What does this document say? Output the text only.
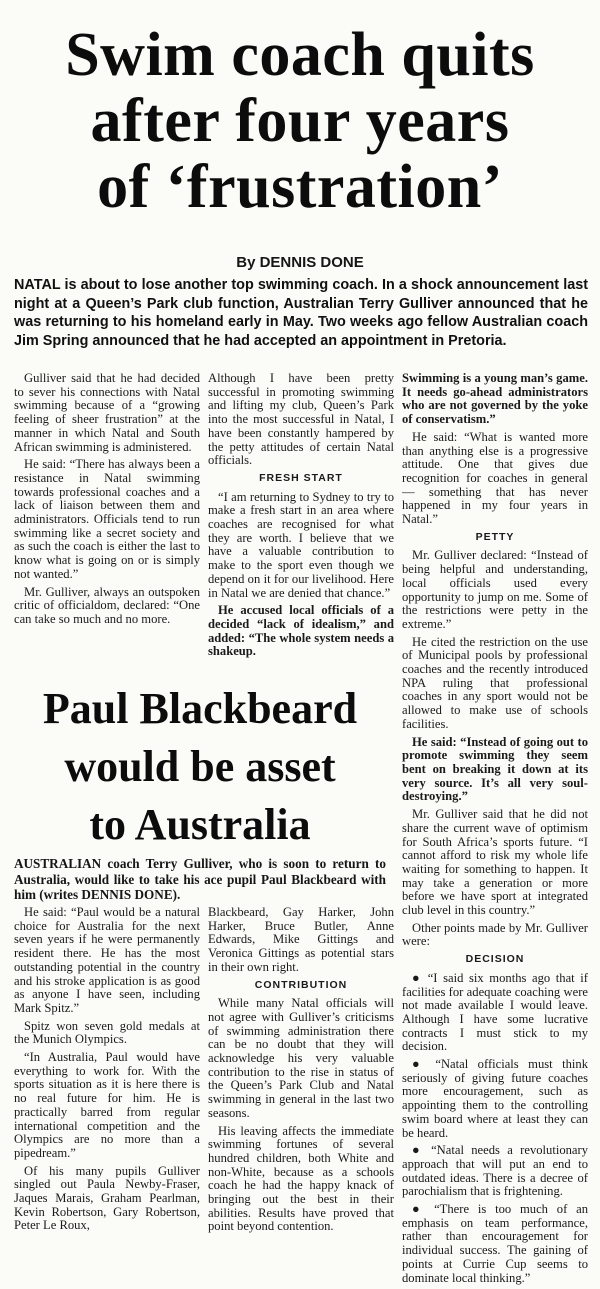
Swim coach quits
after four years
of ‘frustration’
By DENNIS DONE
NATAL is about to lose another top swimming coach. In a shock announcement last night at a Queen’s Park club function, Australian Terry Gulliver announced that he was returning to his homeland early in May. Two weeks ago fellow Australian coach Jim Spring announced that he had accepted an appointment in Pretoria.

Gulliver said that he had decided to sever his connections with Natal swimming because of a “growing feeling of sheer frustration” at the manner in which Natal and South African swimming is administered.

He said: “There has always been a resistance in Natal swimming towards professional coaches and a lack of liaison between them and administrators. Officials tend to run swimming like a secret society and as such the coach is either the last to know what is going on or is simply not wanted.”

Mr. Gulliver, always an outspoken critic of officialdom, declared: “One can take so much and no more.

Although I have been pretty successful in promoting swimming and lifting my club, Queen’s Park into the most successful in Natal, I have been constantly hampered by the petty attitudes of certain Natal officials.

FRESH START

“I am returning to Sydney to try to make a fresh start in an area where coaches are recognised for what they are worth. I believe that we have a valuable contribution to make to the sport even though we depend on it for our livelihood. Here in Natal we are denied that chance.”

He accused local officials of a decided “lack of idealism,” and added: “The whole system needs a shakeup.

Swimming is a young man’s game. It needs go-ahead administrators who are not governed by the yoke of conservatism.”

He said: “What is wanted more than anything else is a progressive attitude. One that gives due recognition for coaches in general — something that has never happened in my four years in Natal.”

PETTY

Mr. Gulliver declared: “Instead of being helpful and understanding, local officials used every opportunity to jump on me. Some of the restrictions were petty in the extreme.”

He cited the restriction on the use of Municipal pools by professional coaches and the recently introduced NPA ruling that professional coaches in any sport would not be allowed to make use of schools facilities.

He said: “Instead of going out to promote swimming they seem bent on breaking it down at its very source. It’s all very soul-destroying.”

Mr. Gulliver said that he did not share the current wave of optimism for South Africa’s sports future. “I cannot afford to risk my whole life waiting for something to happen. It may take a generation or more before we have sport at integrated club level in this country.”

Other points made by Mr. Gulliver were:

DECISION

● “I said six months ago that if facilities for adequate coaching were not made available I would leave. Although I have some lucrative contracts I must stick to my decision.

● “Natal officials must think seriously of giving future coaches more encouragement, such as appointing them to the controlling swim board where at least they can be heard.

● “Natal needs a revolutionary approach that will put an end to outdated ideas. There is a decree of parochialism that is frightening.

● “There is too much of an emphasis on team performance, rather than encouragement for individual success. The gaining of points at Currie Cup seems to dominate local thinking.”

Paul Blackbeard
would be asset
to Australia
AUSTRALIAN coach Terry Gulliver, who is soon to return to Australia, would like to take his ace pupil Paul Blackbeard with him (writes DENNIS DONE).

He said: “Paul would be a natural choice for Australia for the next seven years if he were permanently resident there. He has the most outstanding potential in the country and his stroke application is as good as anyone I have seen, including Mark Spitz.”

Spitz won seven gold medals at the Munich Olympics.

“In Australia, Paul would have everything to work for. With the sports situation as it is here there is no real future for him. He is practically barred from regular international competition and the Olympics are no more than a pipedream.”

Of his many pupils Gulliver singled out Paula Newby-Fraser, Jaques Marais, Graham Pearlman, Kevin Robertson, Gary Robertson, Peter Le Roux,

Blackbeard, Gay Harker, John Harker, Bruce Butler, Anne Edwards, Mike Gittings and Veronica Gittings as potential stars in their own right.

CONTRIBUTION

While many Natal officials will not agree with Gulliver’s criticisms of swimming administration there can be no doubt that they will acknowledge his very valuable contribution to the rise in status of the Queen’s Park Club and Natal swimming in general in the last two seasons.

His leaving affects the immediate swimming fortunes of several hundred children, both White and non-White, because as a schools coach he had the happy knack of bringing out the best in their abilities. Results have proved that point beyond contention.
